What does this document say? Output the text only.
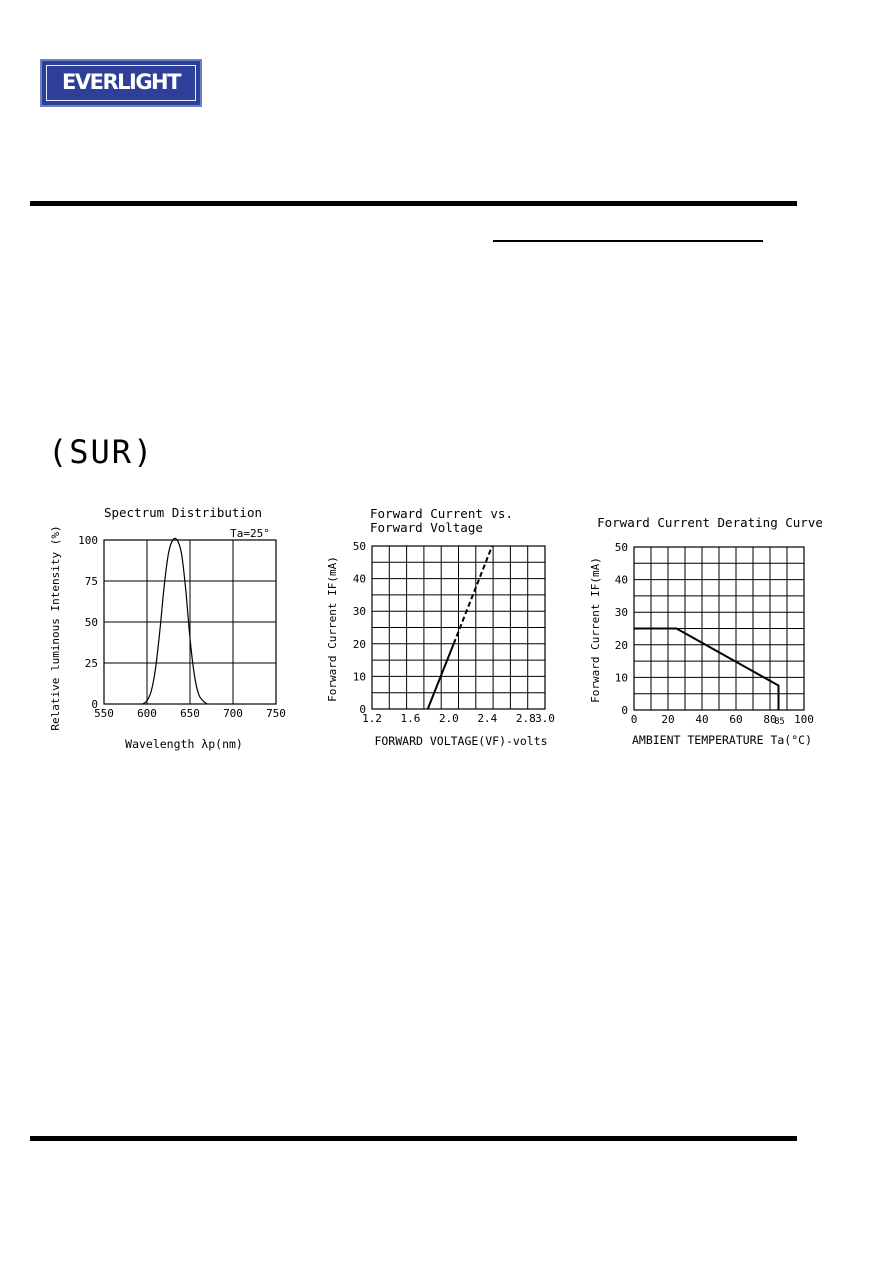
EVERLIGHT
(SUR)
Spectrum Distribution
Ta=25°
550 600 650 700 750
0
25
50
75
100
Wavelength λp(nm)
Relative luminous Intensity (%)
Forward Current vs.
Forward Voltage
1.2 1.6 2.0 2.4 2.8 3.0
0
10
20
30
40
50
FORWARD VOLTAGE(VF)-volts
Forward Current IF(mA)
Forward Current Derating Curve
0 20 40 60 80 100
85
0
10
20
30
40
50
AMBIENT TEMPERATURE Ta(°C)
Forward Current IF(mA)
